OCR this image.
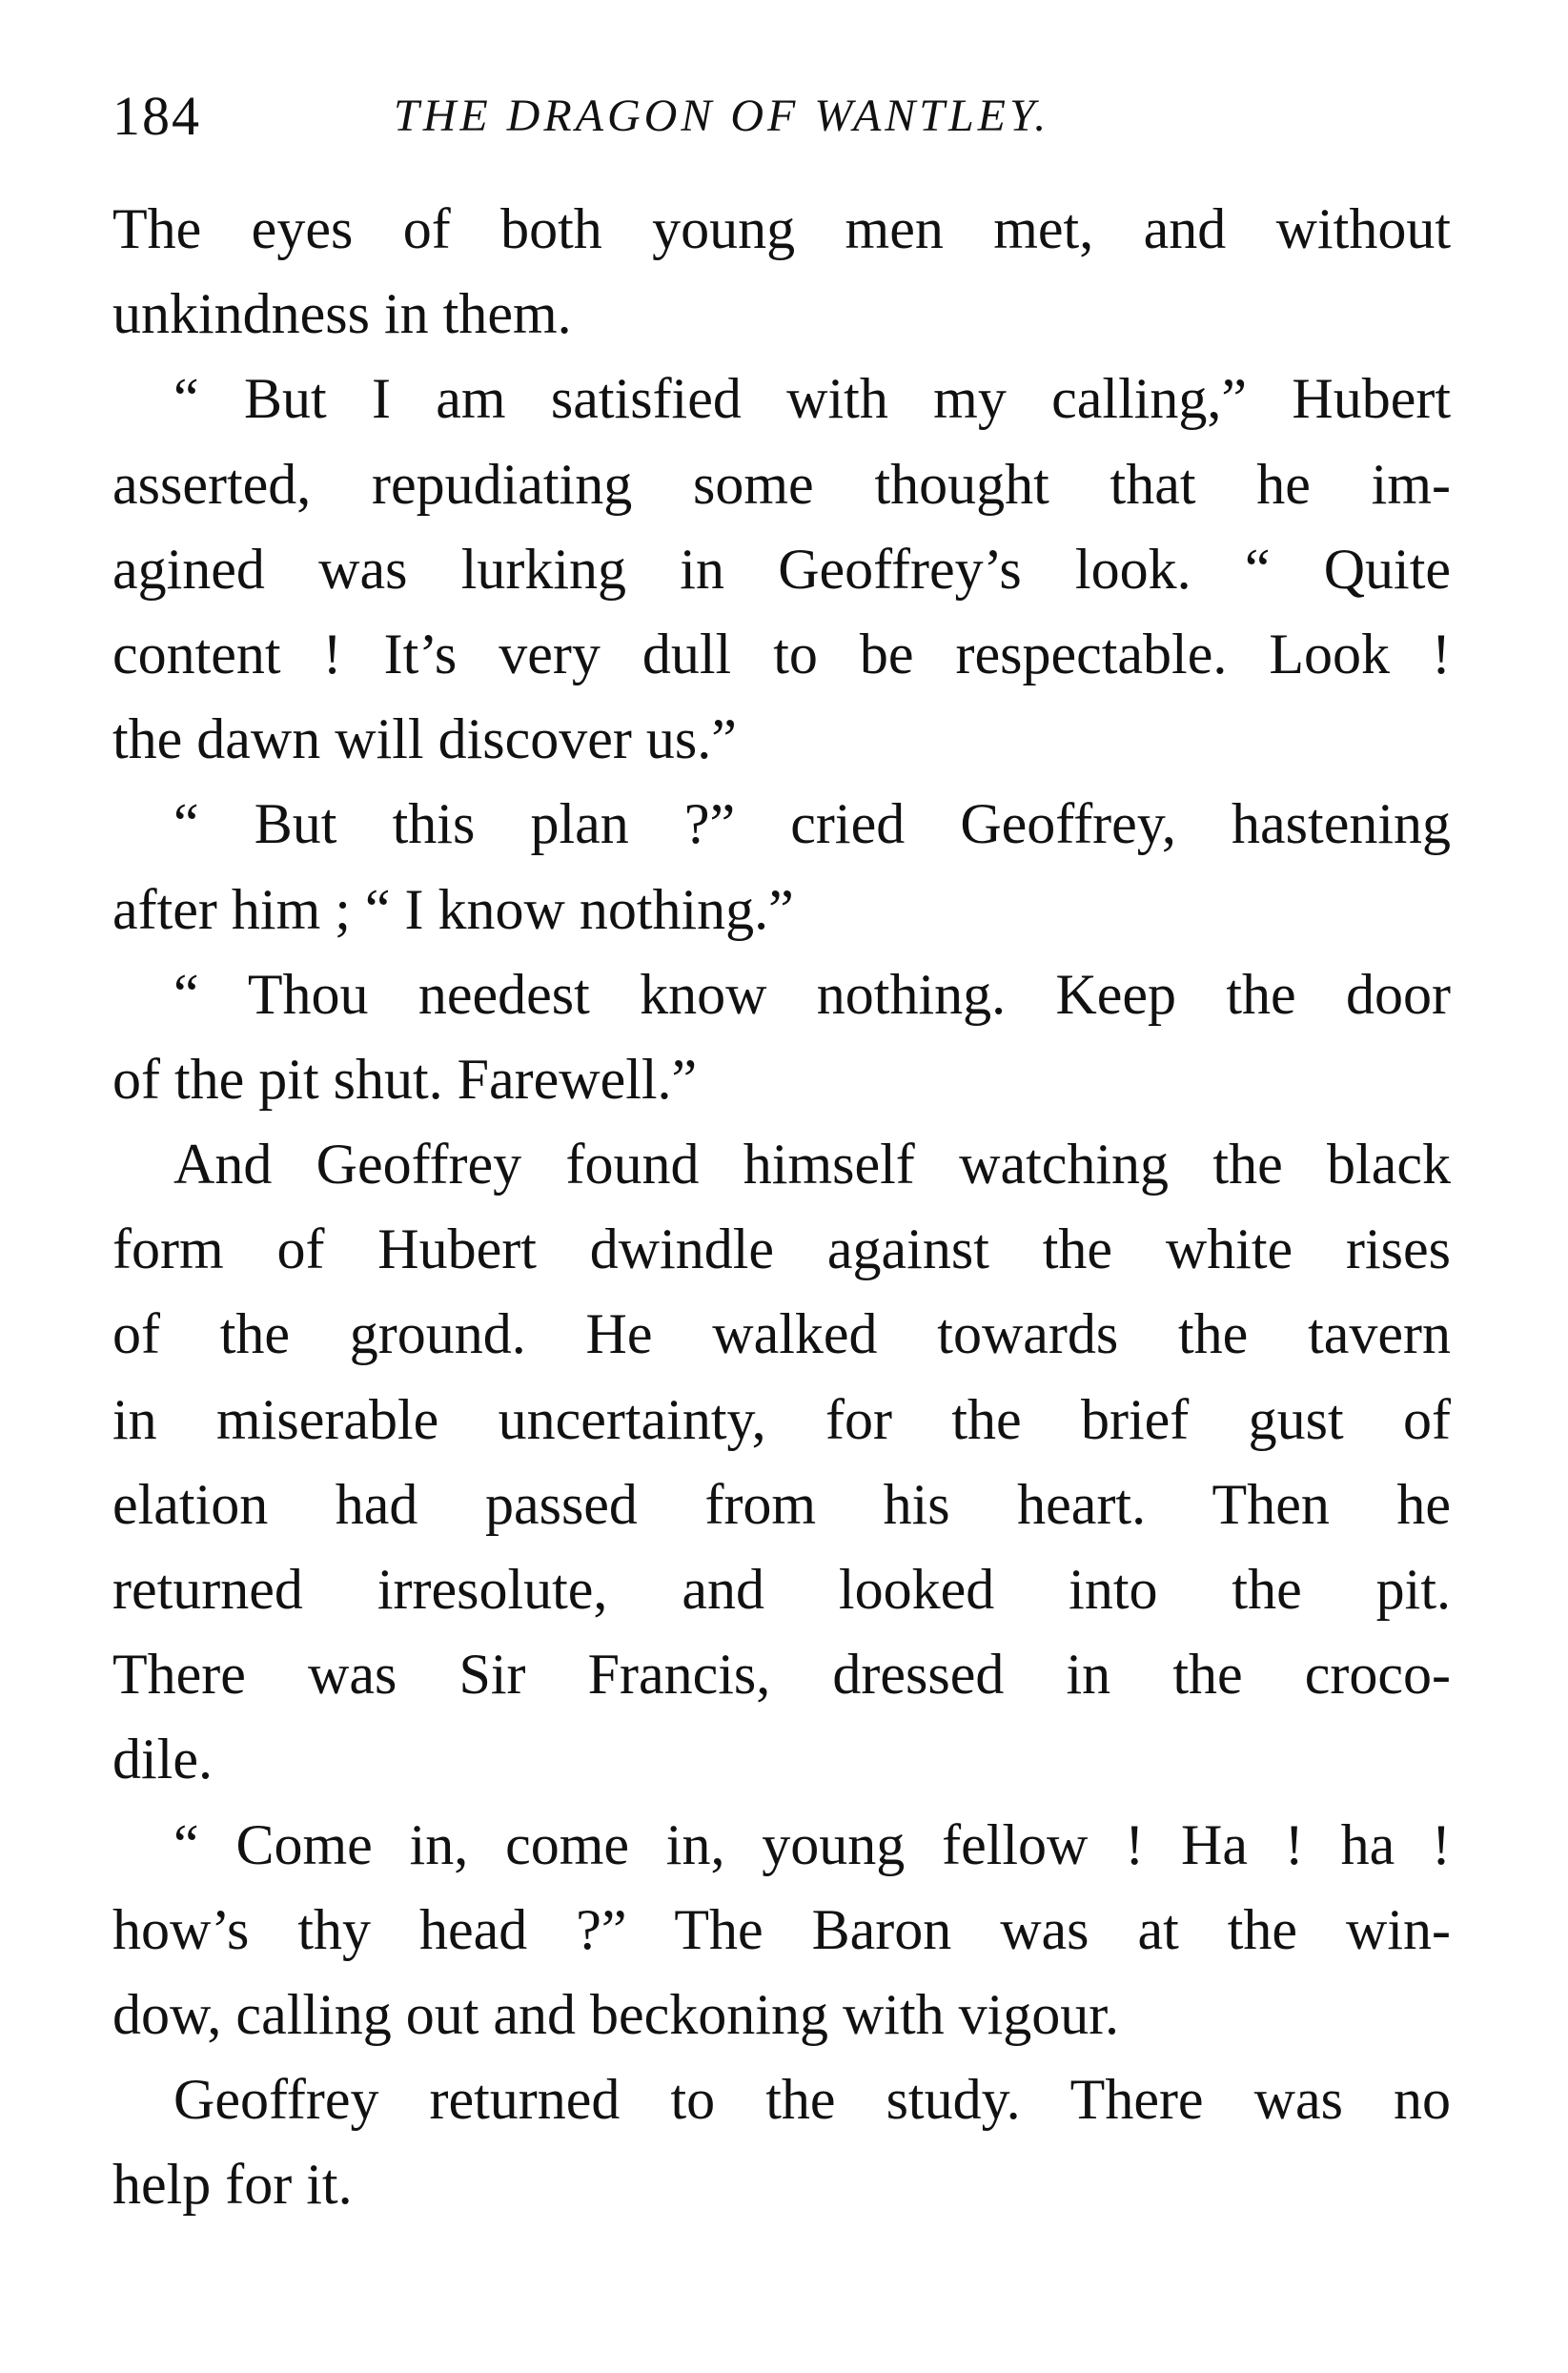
184	THE DRAGON OF WANTLEY.
The eyes of both young men met, and without
unkindness in them.
“ But I am satisfied with my calling,” Hubert
asserted, repudiating some thought that he im-
agined was lurking in Geoffrey’s look. “ Quite
content ! It’s very dull to be respectable. Look !
the dawn will discover us.”
“ But this plan ?” cried Geoffrey, hastening
after him ; “ I know nothing.”
“ Thou needest know nothing. Keep the door
of the pit shut. Farewell.”
And Geoffrey found himself watching the black
form of Hubert dwindle against the white rises
of the ground. He walked towards the tavern
in miserable uncertainty, for the brief gust of
elation had passed from his heart. Then he
returned irresolute, and looked into the pit.
There was Sir Francis, dressed in the croco-
dile.
“ Come in, come in, young fellow ! Ha ! ha !
how’s thy head ?” The Baron was at the win-
dow, calling out and beckoning with vigour.
Geoffrey returned to the study. There was no
help for it.
